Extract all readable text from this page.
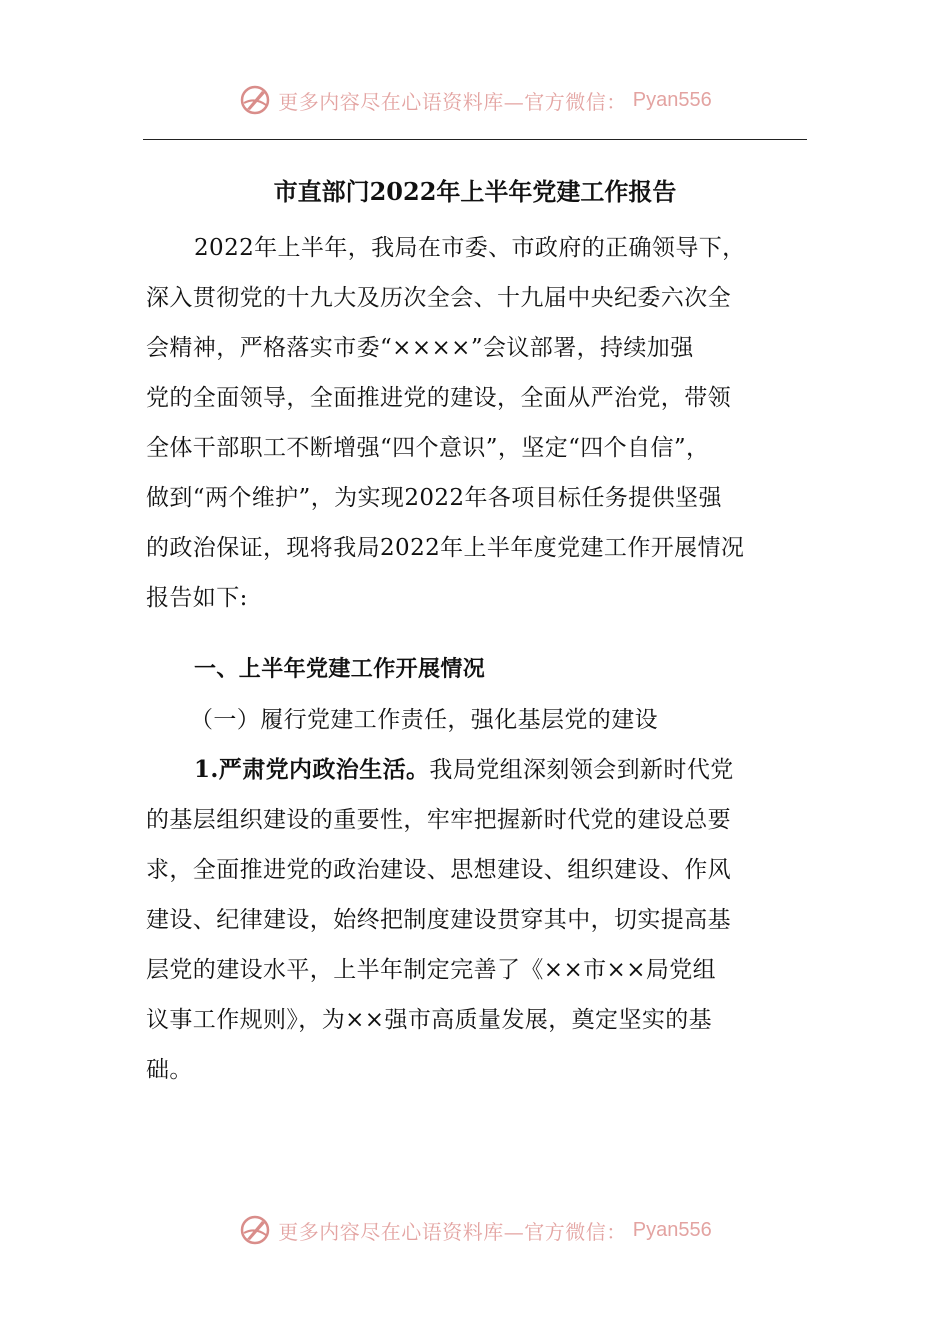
更多内容尽在心语资料库—官方微信： Pyan556
市直部门2022年上半年党建工作报告
2022年上半年，我局在市委、市政府的正确领导下，
深入贯彻党的十九大及历次全会、十九届中央纪委六次全
会精神，严格落实市委“××××”会议部署，持续加强
党的全面领导，全面推进党的建设，全面从严治党，带领
全体干部职工不断增强“四个意识”，坚定“四个自信”，
做到“两个维护”，为实现2022年各项目标任务提供坚强
的政治保证，现将我局2022年上半年度党建工作开展情况
报告如下:
一、上半年党建工作开展情况
（一）履行党建工作责任，强化基层党的建设
1.严肃党内政治生活。我局党组深刻领会到新时代党
的基层组织建设的重要性，牢牢把握新时代党的建设总要
求，全面推进党的政治建设、思想建设、组织建设、作风
建设、纪律建设，始终把制度建设贯穿其中，切实提高基
层党的建设水平，上半年制定完善了《××市××局党组
议事工作规则》，为××强市高质量发展，奠定坚实的基
础。
更多内容尽在心语资料库—官方微信： Pyan556
